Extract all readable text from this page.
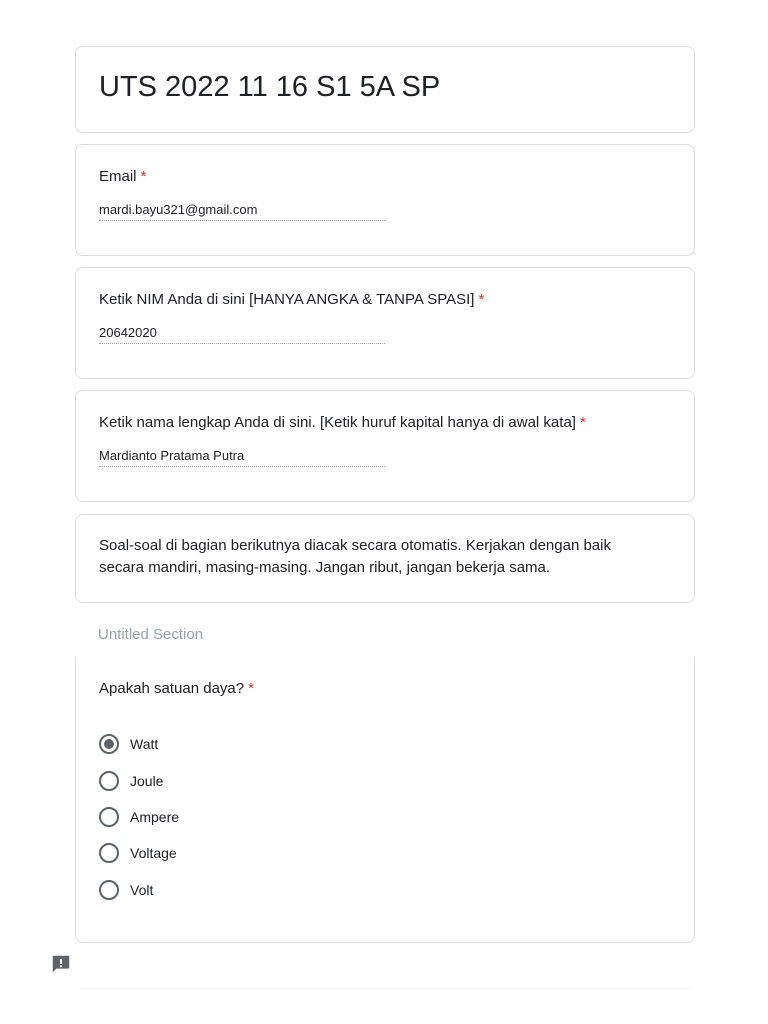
UTS 2022 11 16 S1 5A SP
Email *
mardi.bayu321@gmail.com
Ketik NIM Anda di sini [HANYA ANGKA & TANPA SPASI] *
20642020
Ketik nama lengkap Anda di sini. [Ketik huruf kapital hanya di awal kata] *
Mardianto Pratama Putra
Soal-soal di bagian berikutnya diacak secara otomatis. Kerjakan dengan baik secara mandiri, masing-masing. Jangan ribut, jangan bekerja sama.
Untitled Section
Apakah satuan daya? *
Watt
Joule
Ampere
Voltage
Volt
